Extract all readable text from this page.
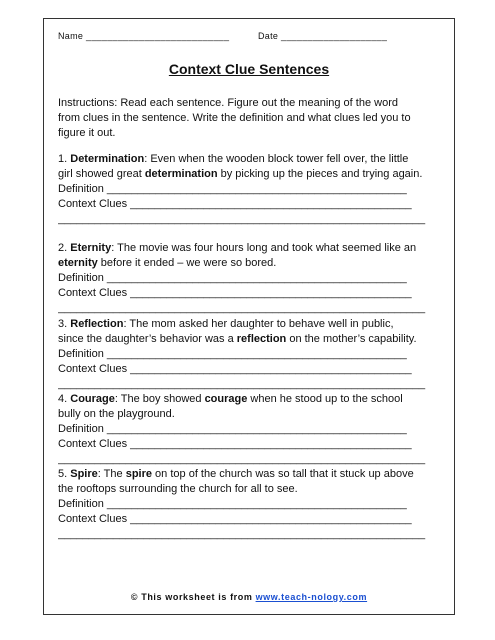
Name ___________________________	Date ____________________
Context Clue Sentences
Instructions: Read each sentence. Figure out the meaning of the word
from clues in the sentence. Write the definition and what clues led you to
figure it out.
1. Determination: Even when the wooden block tower fell over, the little
girl showed great determination by picking up the pieces and trying again.
Definition _________________________________________________
Context Clues ______________________________________________
____________________________________________________________
2. Eternity: The movie was four hours long and took what seemed like an
eternity before it ended – we were so bored.
Definition _________________________________________________
Context Clues ______________________________________________
____________________________________________________________
3. Reflection: The mom asked her daughter to behave well in public,
since the daughter’s behavior was a reflection on the mother’s capability.
Definition _________________________________________________
Context Clues ______________________________________________
____________________________________________________________
4. Courage: The boy showed courage when he stood up to the school
bully on the playground.
Definition _________________________________________________
Context Clues ______________________________________________
____________________________________________________________
5. Spire: The spire on top of the church was so tall that it stuck up above
the rooftops surrounding the church for all to see.
Definition _________________________________________________
Context Clues ______________________________________________
____________________________________________________________
© This worksheet is from www.teach-nology.com
